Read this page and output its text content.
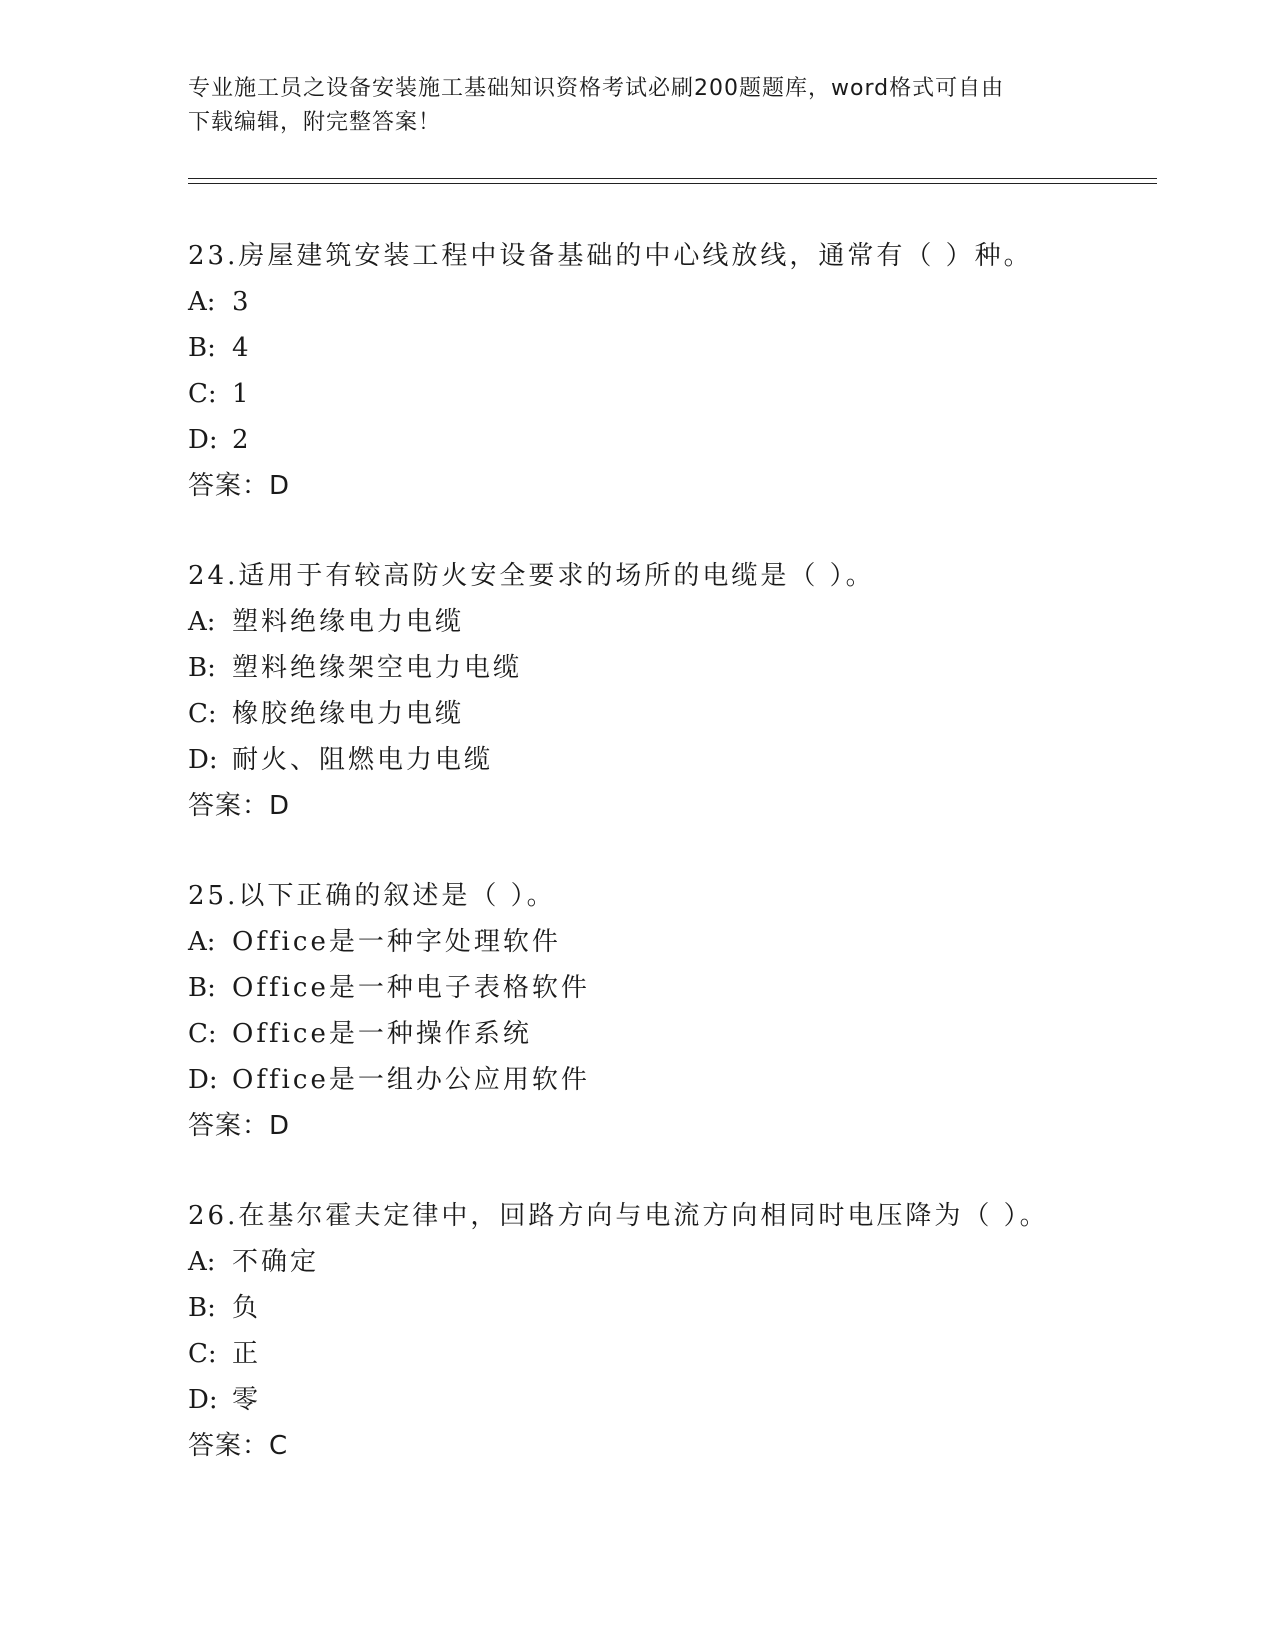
专业施工员之设备安装施工基础知识资格考试必刷200题题库，word格式可自由
下载编辑，附完整答案！
23.房屋建筑安装工程中设备基础的中心线放线，通常有（ ）种。
A: 3
B: 4
C: 1
D: 2
答案：D
24.适用于有较高防火安全要求的场所的电缆是（ ）。
A: 塑料绝缘电力电缆
B: 塑料绝缘架空电力电缆
C: 橡胶绝缘电力电缆
D: 耐火、阻燃电力电缆
答案：D
25.以下正确的叙述是（ ）。
A: Office是一种字处理软件
B: Office是一种电子表格软件
C: Office是一种操作系统
D: Office是一组办公应用软件
答案：D
26.在基尔霍夫定律中，回路方向与电流方向相同时电压降为（ ）。
A: 不确定
B: 负
C: 正
D: 零
答案：C
